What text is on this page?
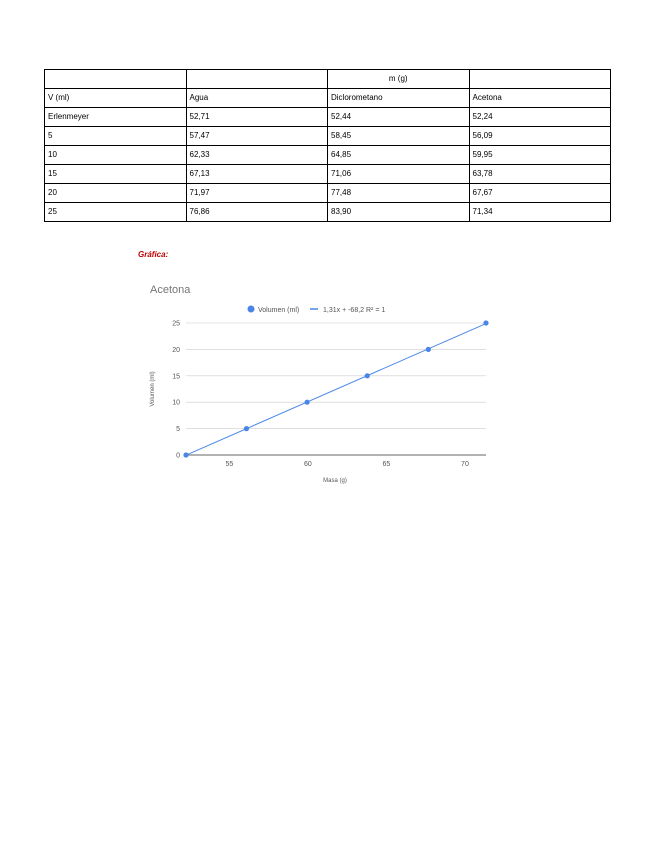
		m (g)	
V (ml)	Agua	Diclorometano	Acetona
Erlenmeyer	52,71	52,44	52,24
5	57,47	58,45	56,09
10	62,33	64,85	59,95
15	67,13	71,06	63,78
20	71,97	77,48	67,67
25	76,86	83,90	71,34
Gráfica:
Acetona
Volumen (ml)	1,31x + -68,2 R² = 1
0
5
10
15
20
25
55	60	65	70
Volumen (ml)
Masa (g)
